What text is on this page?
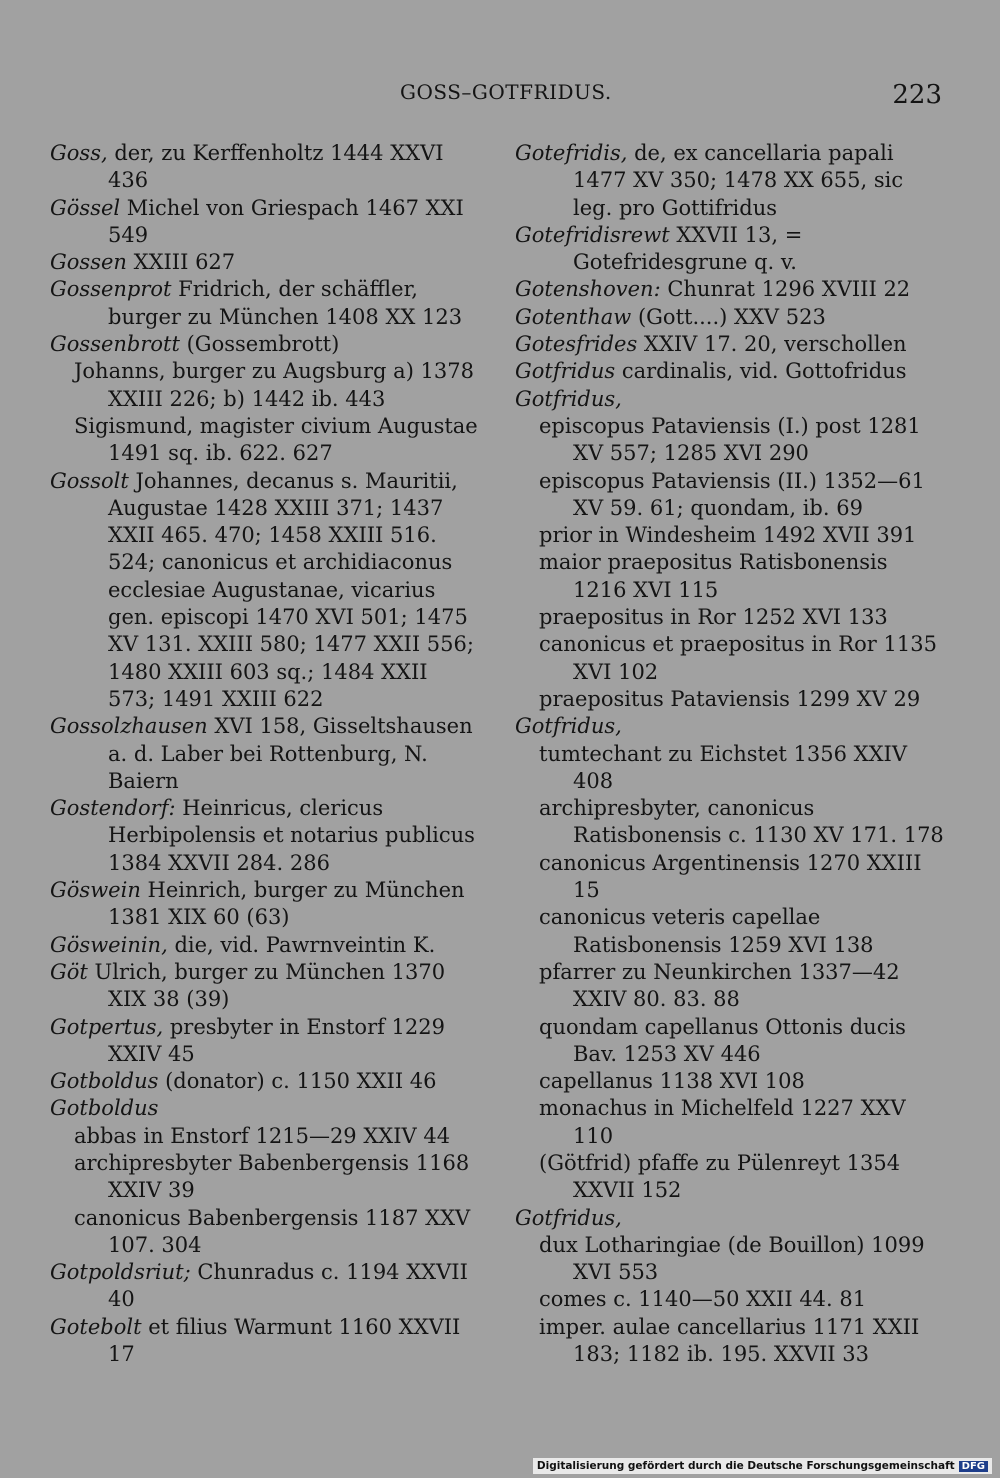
GOSS–GOTFRIDUS.	223
Goss, der, zu Kerffenholtz 1444 XXVI 436
Gössel Michel von Griespach 1467 XXI 549
Gossen XXIII 627
Gossenprot Fridrich, der schäffler, burger zu München 1408 XX 123
Gossenbrott (Gossembrott)
Johanns, burger zu Augsburg a) 1378 XXIII 226; b) 1442 ib. 443
Sigismund, magister civium Augustae 1491 sq. ib. 622. 627
Gossolt Johannes, decanus s. Mauritii, Augustae 1428 XXIII 371; 1437 XXII 465. 470; 1458 XXIII 516. 524; canonicus et archidiaconus ecclesiae Augustanae, vicarius gen. episcopi 1470 XVI 501; 1475 XV 131. XXIII 580; 1477 XXII 556; 1480 XXIII 603 sq.; 1484 XXII 573; 1491 XXIII 622
Gossolzhausen XVI 158, Gisseltshausen a. d. Laber bei Rottenburg, N. Baiern
Gostendorf: Heinricus, clericus Herbipolensis et notarius publicus 1384 XXVII 284. 286
Göswein Heinrich, burger zu München 1381 XIX 60 (63)
Gösweinin, die, vid. Pawrnveintin K.
Göt Ulrich, burger zu München 1370 XIX 38 (39)
Gotpertus, presbyter in Enstorf 1229 XXIV 45
Gotboldus (donator) c. 1150 XXII 46
Gotboldus
abbas in Enstorf 1215—29 XXIV 44
archipresbyter Babenbergensis 1168 XXIV 39
canonicus Babenbergensis 1187 XXV 107. 304
Gotpoldsriut; Chunradus c. 1194 XXVII 40
Gotebolt et filius Warmunt 1160 XXVII 17
Gotefridis, de, ex cancellaria papali 1477 XV 350; 1478 XX 655, sic leg. pro Gottifridus
Gotefridisrewt XXVII 13, = Gotefridesgrune q. v.
Gotenshoven: Chunrat 1296 XVIII 22
Gotenthaw (Gott....) XXV 523
Gotesfrides XXIV 17. 20, verschollen
Gotfridus cardinalis, vid. Gottofridus
Gotfridus,
episcopus Pataviensis (I.) post 1281 XV 557; 1285 XVI 290
episcopus Pataviensis (II.) 1352—61 XV 59. 61; quondam, ib. 69
prior in Windesheim 1492 XVII 391
maior praepositus Ratisbonensis 1216 XVI 115
praepositus in Ror 1252 XVI 133
canonicus et praepositus in Ror 1135 XVI 102
praepositus Pataviensis 1299 XV 29
Gotfridus,
tumtechant zu Eichstet 1356 XXIV 408
archipresbyter, canonicus Ratisbonensis c. 1130 XV 171. 178
canonicus Argentinensis 1270 XXIII 15
canonicus veteris capellae Ratisbonensis 1259 XVI 138
pfarrer zu Neunkirchen 1337—42 XXIV 80. 83. 88
quondam capellanus Ottonis ducis Bav. 1253 XV 446
capellanus 1138 XVI 108
monachus in Michelfeld 1227 XXV 110
(Götfrid) pfaffe zu Pülenreyt 1354 XXVII 152
Gotfridus,
dux Lotharingiae (de Bouillon) 1099 XVI 553
comes c. 1140—50 XXII 44. 81
imper. aulae cancellarius 1171 XXII 183; 1182 ib. 195. XXVII 33
Digitalisierung gefördert durch die Deutsche Forschungsgemeinschaft DFG
